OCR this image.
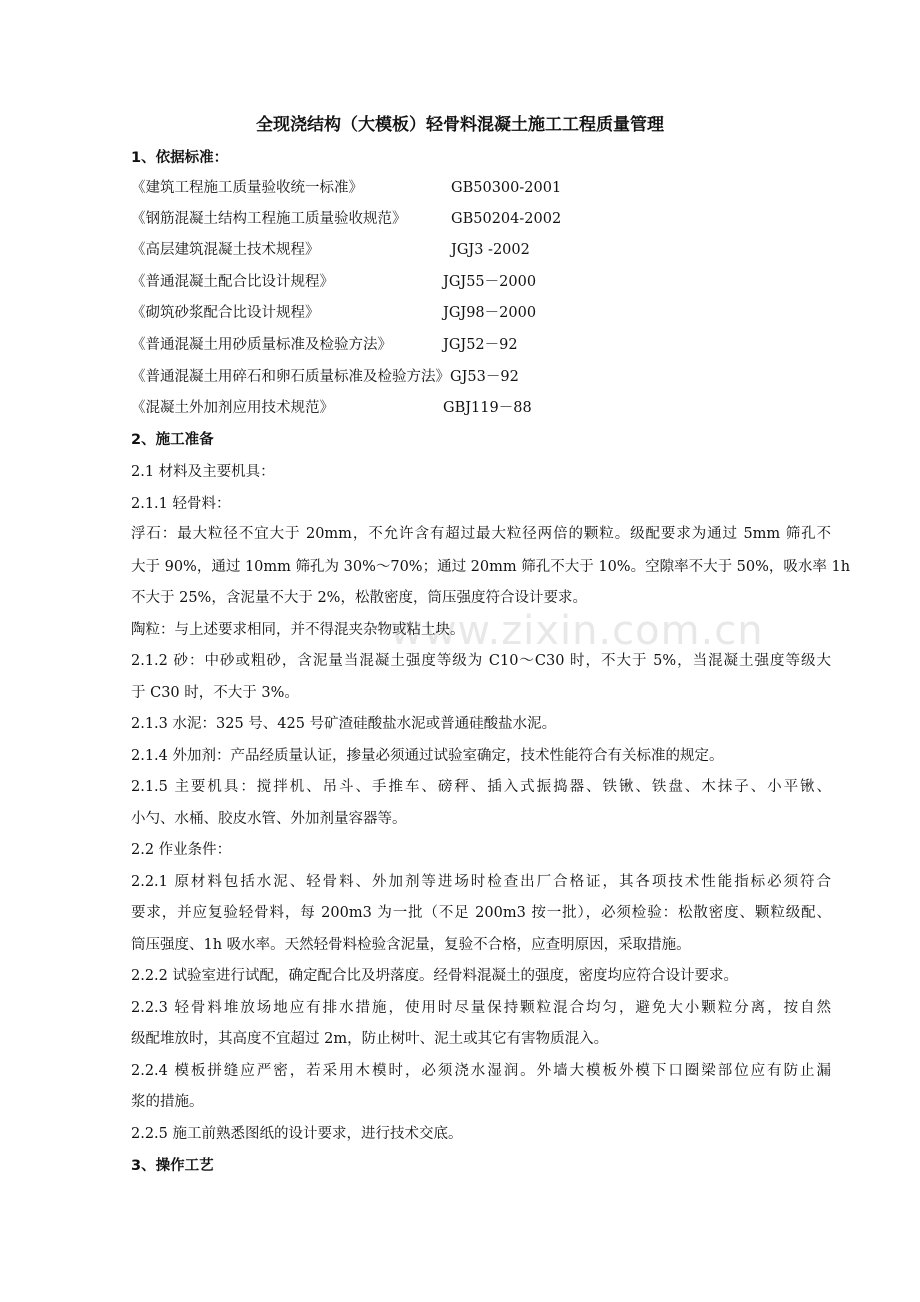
www.zixin.com.cn
全现浇结构（大模板）轻骨料混凝土施工工程质量管理
1、依据标准：
《建筑工程施工质量验收统一标准》	GB50300-2001
《钢筋混凝土结构工程施工质量验收规范》	GB50204-2002
《高层建筑混凝土技术规程》	JGJ3 -2002
《普通混凝土配合比设计规程》	JGJ55－2000
《砌筑砂浆配合比设计规程》	JGJ98－2000
《普通混凝土用砂质量标准及检验方法》	JGJ52－92
《普通混凝土用碎石和卵石质量标准及检验方法》GJ53－92
《混凝土外加剂应用技术规范》	GBJ119－88
2、施工准备
2.1 材料及主要机具：
2.1.1 轻骨料：
浮石：最大粒径不宜大于 20mm，不允许含有超过最大粒径两倍的颗粒。级配要求为通过 5mm 筛孔不
大于 90%，通过 10mm 筛孔为 30%～70%；通过 20mm 筛孔不大于 10%。空隙率不大于 50%，吸水率 1h
不大于 25%，含泥量不大于 2%，松散密度，筒压强度符合设计要求。
陶粒：与上述要求相同，并不得混夹杂物或粘土块。
2.1.2 砂：中砂或粗砂，含泥量当混凝土强度等级为 C10～C30 时，不大于 5%，当混凝土强度等级大
于 C30 时，不大于 3%。
2.1.3 水泥：325 号、425 号矿渣硅酸盐水泥或普通硅酸盐水泥。
2.1.4 外加剂：产品经质量认证，掺量必须通过试验室确定，技术性能符合有关标准的规定。
2.1.5 主要机具：搅拌机、吊斗、手推车、磅秤、插入式振捣器、铁锹、铁盘、木抹子、小平锹、
小勺、水桶、胶皮水管、外加剂量容器等。
2.2 作业条件：
2.2.1 原材料包括水泥、轻骨料、外加剂等进场时检查出厂合格证，其各项技术性能指标必须符合
要求，并应复验轻骨料，每 200m3 为一批（不足 200m3 按一批），必须检验：松散密度、颗粒级配、
筒压强度、1h 吸水率。天然轻骨料检验含泥量，复验不合格，应查明原因，采取措施。
2.2.2 试验室进行试配，确定配合比及坍落度。经骨料混凝土的强度，密度均应符合设计要求。
2.2.3 轻骨料堆放场地应有排水措施，使用时尽量保持颗粒混合均匀，避免大小颗粒分离，按自然
级配堆放时，其高度不宜超过 2m，防止树叶、泥土或其它有害物质混入。
2.2.4 模板拼缝应严密，若采用木模时，必须浇水湿润。外墙大模板外模下口圈梁部位应有防止漏
浆的措施。
2.2.5 施工前熟悉图纸的设计要求，进行技术交底。
3、操作工艺
